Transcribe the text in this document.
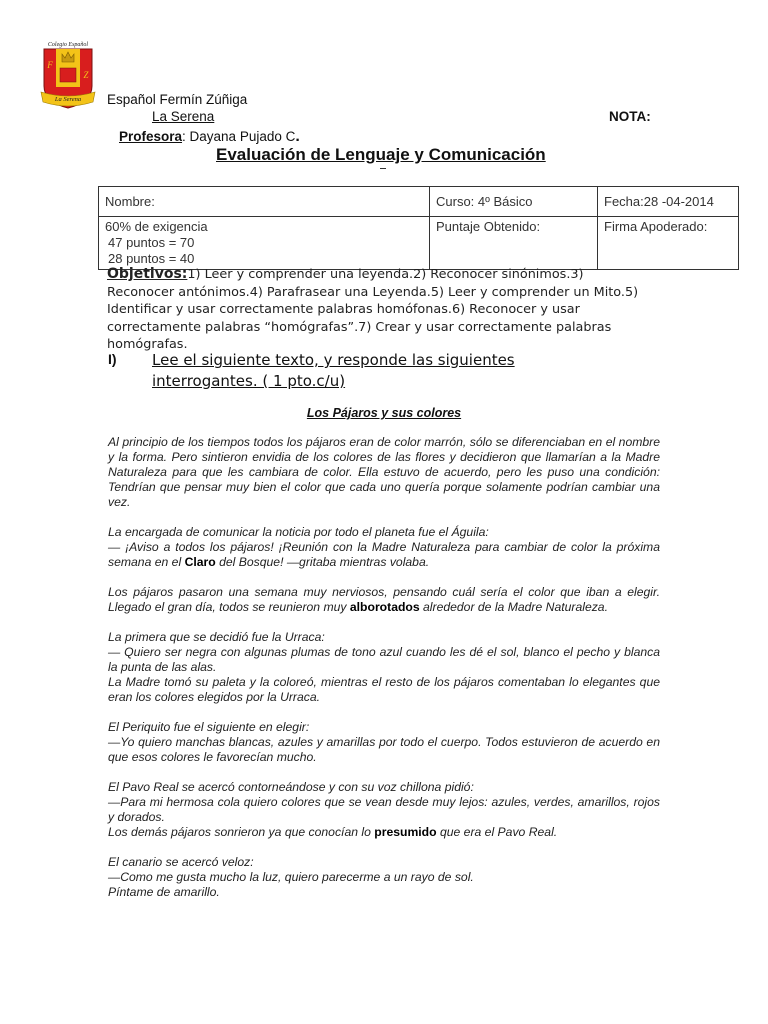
Colegio Español
F
Z
La Serena Español Fermín Zúñiga
La Serena	NOTA:
Profesora: Dayana Pujado C.
Evaluación de Lenguaje y Comunicación
Nombre:	Curso: 4º Básico	Fecha:28 -04-2014

60% de exigencia
47 puntos = 70
28 puntos = 40	Puntaje Obtenido:	Firma Apoderado:
Objetivos:1) Leer y comprender una leyenda.2) Reconocer sinónimos.3) Reconocer antónimos.4) Parafrasear una Leyenda.5) Leer y comprender un Mito.5) Identificar y usar correctamente palabras homófonas.6) Reconocer y usar correctamente palabras “homógrafas”.7) Crear y usar correctamente palabras homógrafas.
I) Lee el siguiente texto, y responde las siguientes interrogantes. ( 1 pto.c/u)
Los Pájaros y sus colores

Al principio de los tiempos todos los pájaros eran de color marrón, sólo se diferenciaban en el nombre y la forma. Pero sintieron envidia de los colores de las flores y decidieron que llamarían a la Madre Naturaleza para que les cambiara de color. Ella estuvo de acuerdo, pero les puso una condición: Tendrían que pensar muy bien el color que cada uno quería porque solamente podrían cambiar una vez.

La encargada de comunicar la noticia por todo el planeta fue el Águila:
— ¡Aviso a todos los pájaros! ¡Reunión con la Madre Naturaleza para cambiar de color la próxima semana en el Claro del Bosque! —gritaba mientras volaba.

Los pájaros pasaron una semana muy nerviosos, pensando cuál sería el color que iban a elegir. Llegado el gran día, todos se reunieron muy alborotados alrededor de la Madre Naturaleza.

La primera que se decidió fue la Urraca:
— Quiero ser negra con algunas plumas de tono azul cuando les dé el sol, blanco el pecho y blanca la punta de las alas.
La Madre tomó su paleta y la coloreó, mientras el resto de los pájaros comentaban lo elegantes que eran los colores elegidos por la Urraca.

El Periquito fue el siguiente en elegir:
—Yo quiero manchas blancas, azules y amarillas por todo el cuerpo. Todos estuvieron de acuerdo en que esos colores le favorecían mucho.

El Pavo Real se acercó contorneándose y con su voz chillona pidió:
—Para mi hermosa cola quiero colores que se vean desde muy lejos: azules, verdes, amarillos, rojos y dorados.
Los demás pájaros sonrieron ya que conocían lo presumido que era el Pavo Real.

El canario se acercó veloz:
—Como me gusta mucho la luz, quiero parecerme a un rayo de sol.
Píntame de amarillo.
